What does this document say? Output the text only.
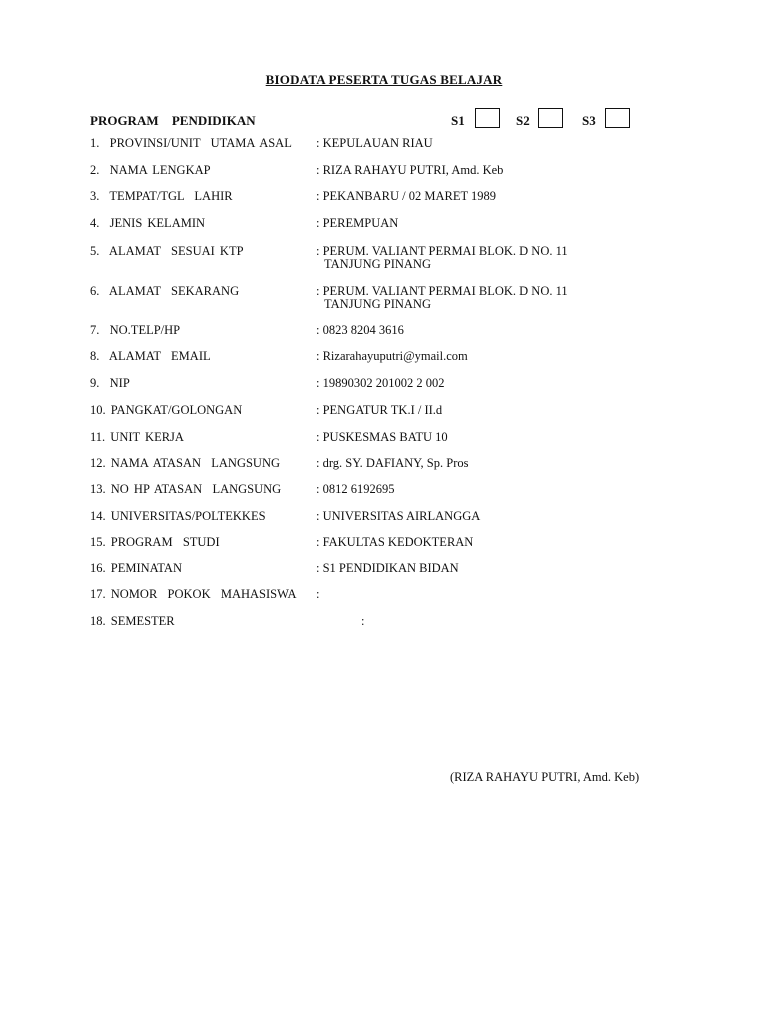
BIODATA PESERTA TUGAS BELAJAR
PROGRAM PENDIDIKAN	S1	S2	S3
1.  PROVINSI/UNIT  UTAMA ASAL : KEPULAUAN RIAU
2.  NAMA LENGKAP	: RIZA RAHAYU PUTRI, Amd. Keb
3.  TEMPAT/TGL  LAHIR	: PEKANBARU / 02 MARET 1989
4.  JENIS KELAMIN	: PEREMPUAN
5.  ALAMAT  SESUAI KTP	: PERUM. VALIANT PERMAI BLOK. D NO. 11
TANJUNG PINANG
6.  ALAMAT  SEKARANG	: PERUM. VALIANT PERMAI BLOK. D NO. 11
TANJUNG PINANG
7.  NO.TELP/HP	: 0823 8204 3616
8.  ALAMAT  EMAIL	: Rizarahayuputri@ymail.com
9.  NIP	: 19890302 201002 2 002
10. PANGKAT/GOLONGAN	: PENGATUR TK.I / II.d
11. UNIT KERJA	: PUSKESMAS BATU 10
12. NAMA ATASAN  LANGSUNG	: drg. SY. DAFIANY, Sp. Pros
13. NO HP ATASAN  LANGSUNG	: 0812 6192695
14. UNIVERSITAS/POLTEKKES	: UNIVERSITAS AIRLANGGA
15. PROGRAM  STUDI	: FAKULTAS KEDOKTERAN
16. PEMINATAN	: S1 PENDIDIKAN BIDAN
17. NOMOR  POKOK  MAHASISWA :
18. SEMESTER	:
(RIZA RAHAYU PUTRI, Amd. Keb)
